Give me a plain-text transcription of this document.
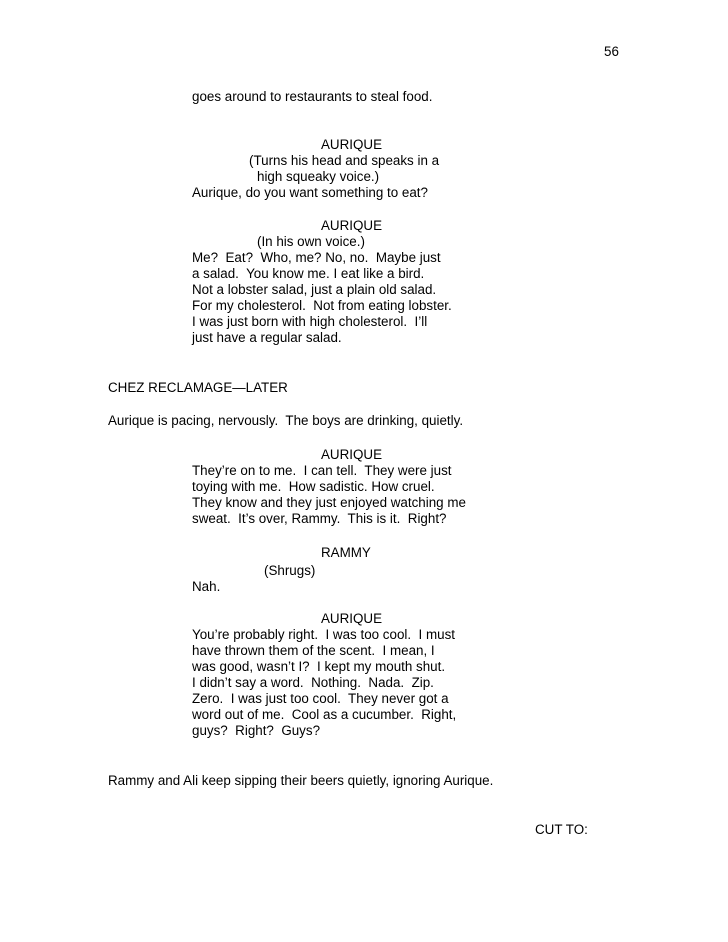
56
goes around to restaurants to steal food.
AURIQUE
(Turns his head and speaks in a
high squeaky voice.)
Aurique, do you want something to eat?
AURIQUE
(In his own voice.)
Me?  Eat?  Who, me? No, no.  Maybe just
a salad.  You know me. I eat like a bird.
Not a lobster salad, just a plain old salad.
For my cholesterol.  Not from eating lobster.
I was just born with high cholesterol.  I’ll
just have a regular salad.
CHEZ RECLAMAGE—LATER
Aurique is pacing, nervously.  The boys are drinking, quietly.
AURIQUE
They’re on to me.  I can tell.  They were just
toying with me.  How sadistic. How cruel.
They know and they just enjoyed watching me
sweat.  It’s over, Rammy.  This is it.  Right?
RAMMY
(Shrugs)
Nah.
AURIQUE
You’re probably right.  I was too cool.  I must
have thrown them of the scent.  I mean, I
was good, wasn’t I?  I kept my mouth shut.
I didn’t say a word.  Nothing.  Nada.  Zip.
Zero.  I was just too cool.  They never got a
word out of me.  Cool as a cucumber.  Right,
guys?  Right?  Guys?
Rammy and Ali keep sipping their beers quietly, ignoring Aurique.
CUT TO:
